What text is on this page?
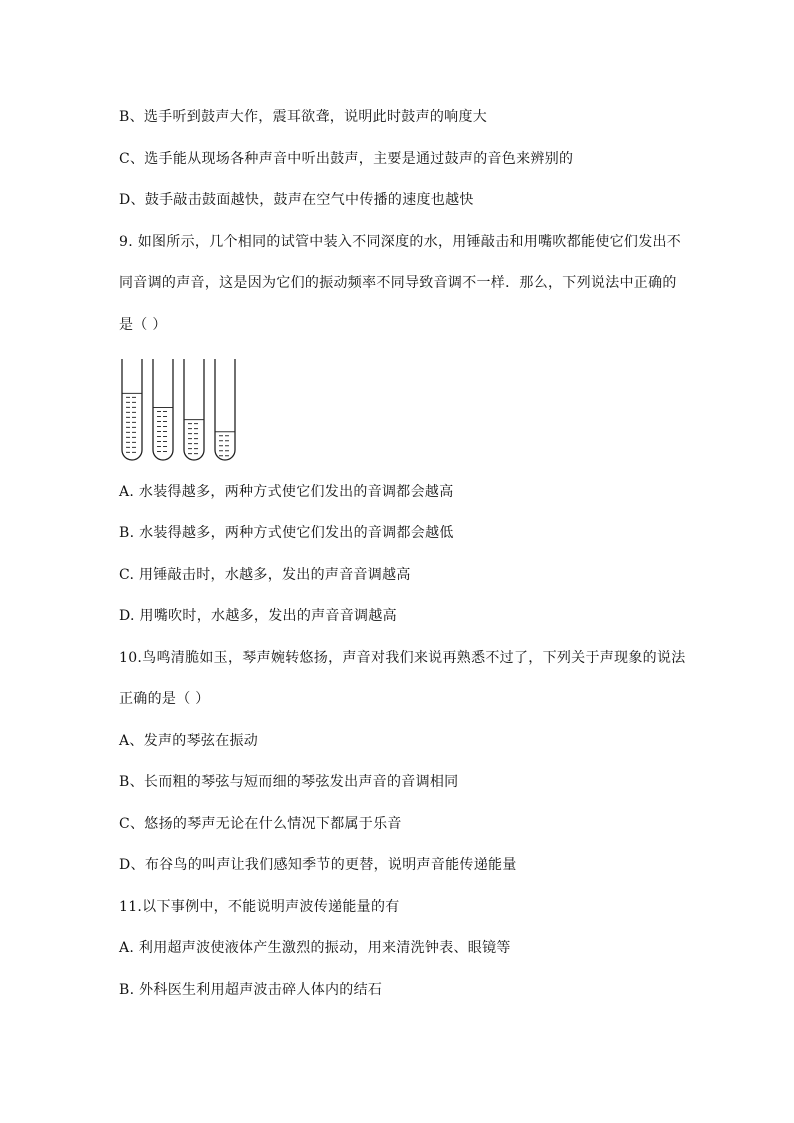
B、选手听到鼓声大作，震耳欲聋，说明此时鼓声的响度大
C、选手能从现场各种声音中听出鼓声，主要是通过鼓声的音色来辨别的
D、鼓手敲击鼓面越快，鼓声在空气中传播的速度也越快
9. 如图所示，几个相同的试管中装入不同深度的水，用锤敲击和用嘴吹都能使它们发出不
同音调的声音，这是因为它们的振动频率不同导致音调不一样．那么，下列说法中正确的
是（ ）
A. 水装得越多，两种方式使它们发出的音调都会越高
B. 水装得越多，两种方式使它们发出的音调都会越低
C. 用锤敲击时，水越多，发出的声音音调越高
D. 用嘴吹时，水越多，发出的声音音调越高
10.鸟鸣清脆如玉，琴声婉转悠扬，声音对我们来说再熟悉不过了，下列关于声现象的说法
正确的是（ ）
A、发声的琴弦在振动
B、长而粗的琴弦与短而细的琴弦发出声音的音调相同
C、悠扬的琴声无论在什么情况下都属于乐音
D、布谷鸟的叫声让我们感知季节的更替，说明声音能传递能量
11.以下事例中，不能说明声波传递能量的有
A. 利用超声波使液体产生激烈的振动，用来清洗钟表、眼镜等
B. 外科医生利用超声波击碎人体内的结石
